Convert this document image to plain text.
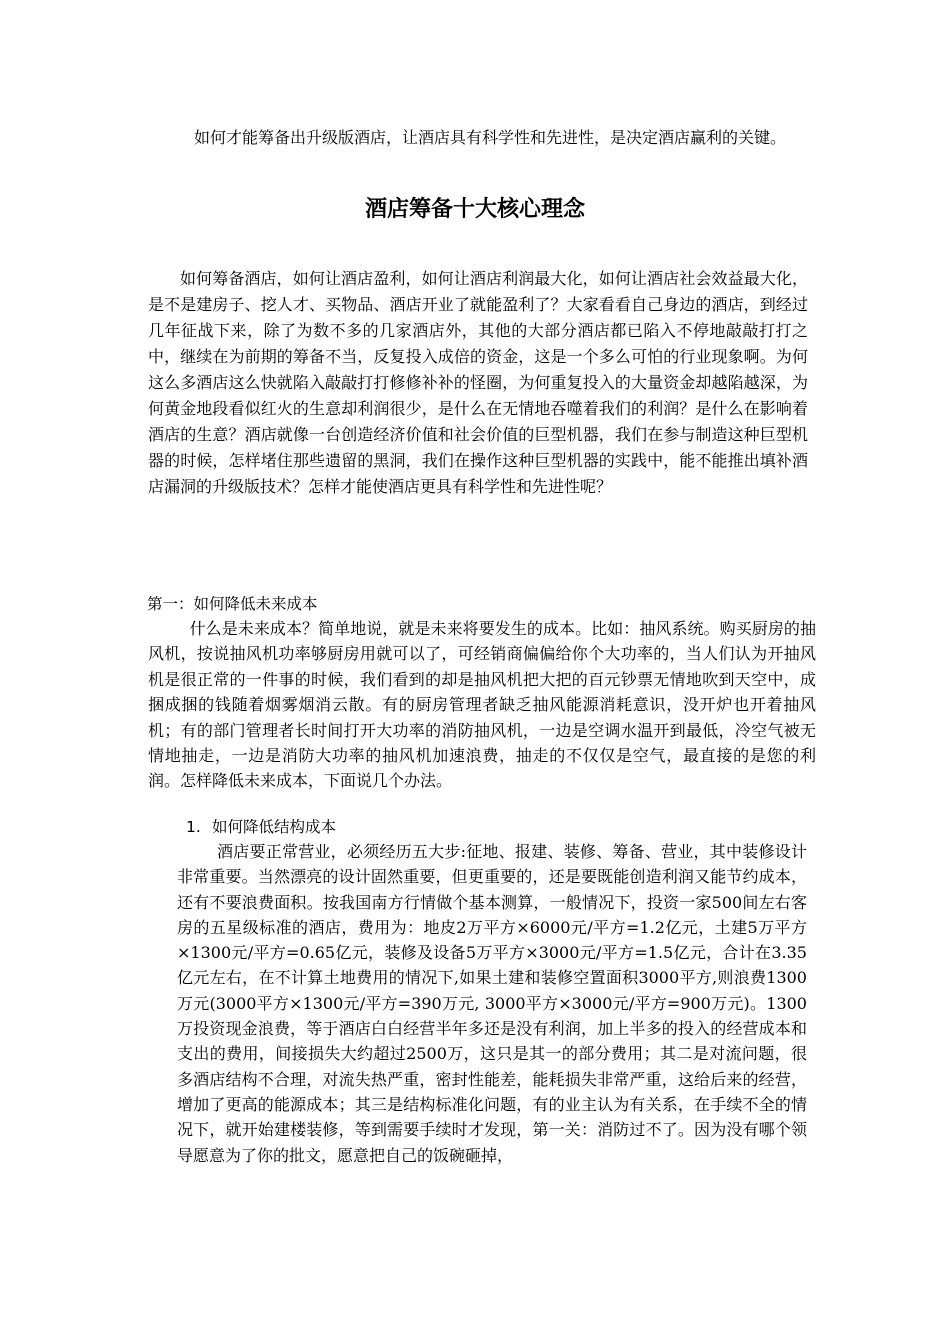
如何才能筹备出升级版酒店，让酒店具有科学性和先进性，是决定酒店赢利的关键。

酒店筹备十大核心理念

如何筹备酒店，如何让酒店盈利，如何让酒店利润最大化，如何让酒店社会效益最大化，是不是建房子、挖人才、买物品、酒店开业了就能盈利了？大家看看自己身边的酒店，到经过几年征战下来，除了为数不多的几家酒店外，其他的大部分酒店都已陷入不停地敲敲打打之中，继续在为前期的筹备不当，反复投入成倍的资金，这是一个多么可怕的行业现象啊。为何这么多酒店这么快就陷入敲敲打打修修补补的怪圈，为何重复投入的大量资金却越陷越深，为何黄金地段看似红火的生意却利润很少，是什么在无情地吞噬着我们的利润？是什么在影响着酒店的生意？酒店就像一台创造经济价值和社会价值的巨型机器，我们在参与制造这种巨型机器的时候，怎样堵住那些遗留的黑洞，我们在操作这种巨型机器的实践中，能不能推出填补酒店漏洞的升级版技术？怎样才能使酒店更具有科学性和先进性呢？

第一：如何降低未来成本

什么是未来成本？简单地说，就是未来将要发生的成本。比如：抽风系统。购买厨房的抽风机，按说抽风机功率够厨房用就可以了，可经销商偏偏给你个大功率的，当人们认为开抽风机是很正常的一件事的时候，我们看到的却是抽风机把大把的百元钞票无情地吹到天空中，成捆成捆的钱随着烟雾烟消云散。有的厨房管理者缺乏抽风能源消耗意识，没开炉也开着抽风机；有的部门管理者长时间打开大功率的消防抽风机，一边是空调水温开到最低，冷空气被无情地抽走，一边是消防大功率的抽风机加速浪费，抽走的不仅仅是空气，最直接的是您的利润。怎样降低未来成本，下面说几个办法。

1. 如何降低结构成本

酒店要正常营业，必须经历五大步:征地、报建、装修、筹备、营业，其中装修设计非常重要。当然漂亮的设计固然重要，但更重要的，还是要既能创造利润又能节约成本，还有不要浪费面积。按我国南方行情做个基本测算，一般情况下，投资一家500间左右客房的五星级标准的酒店，费用为：地皮2万平方×6000元/平方=1.2亿元，土建5万平方×1300元/平方=0.65亿元，装修及设备5万平方×3000元/平方=1.5亿元，合计在3.35亿元左右，在不计算土地费用的情况下,如果土建和装修空置面积3000平方,则浪费1300万元(3000平方×1300元/平方=390万元, 3000平方×3000元/平方=900万元)。1300万投资现金浪费，等于酒店白白经营半年多还是没有利润，加上半多的投入的经营成本和支出的费用，间接损失大约超过2500万，这只是其一的部分费用；其二是对流问题，很多酒店结构不合理，对流失热严重，密封性能差，能耗损失非常严重，这给后来的经营，增加了更高的能源成本；其三是结构标准化问题，有的业主认为有关系，在手续不全的情况下，就开始建楼装修，等到需要手续时才发现，第一关：消防过不了。因为没有哪个领导愿意为了你的批文，愿意把自己的饭碗砸掉，
